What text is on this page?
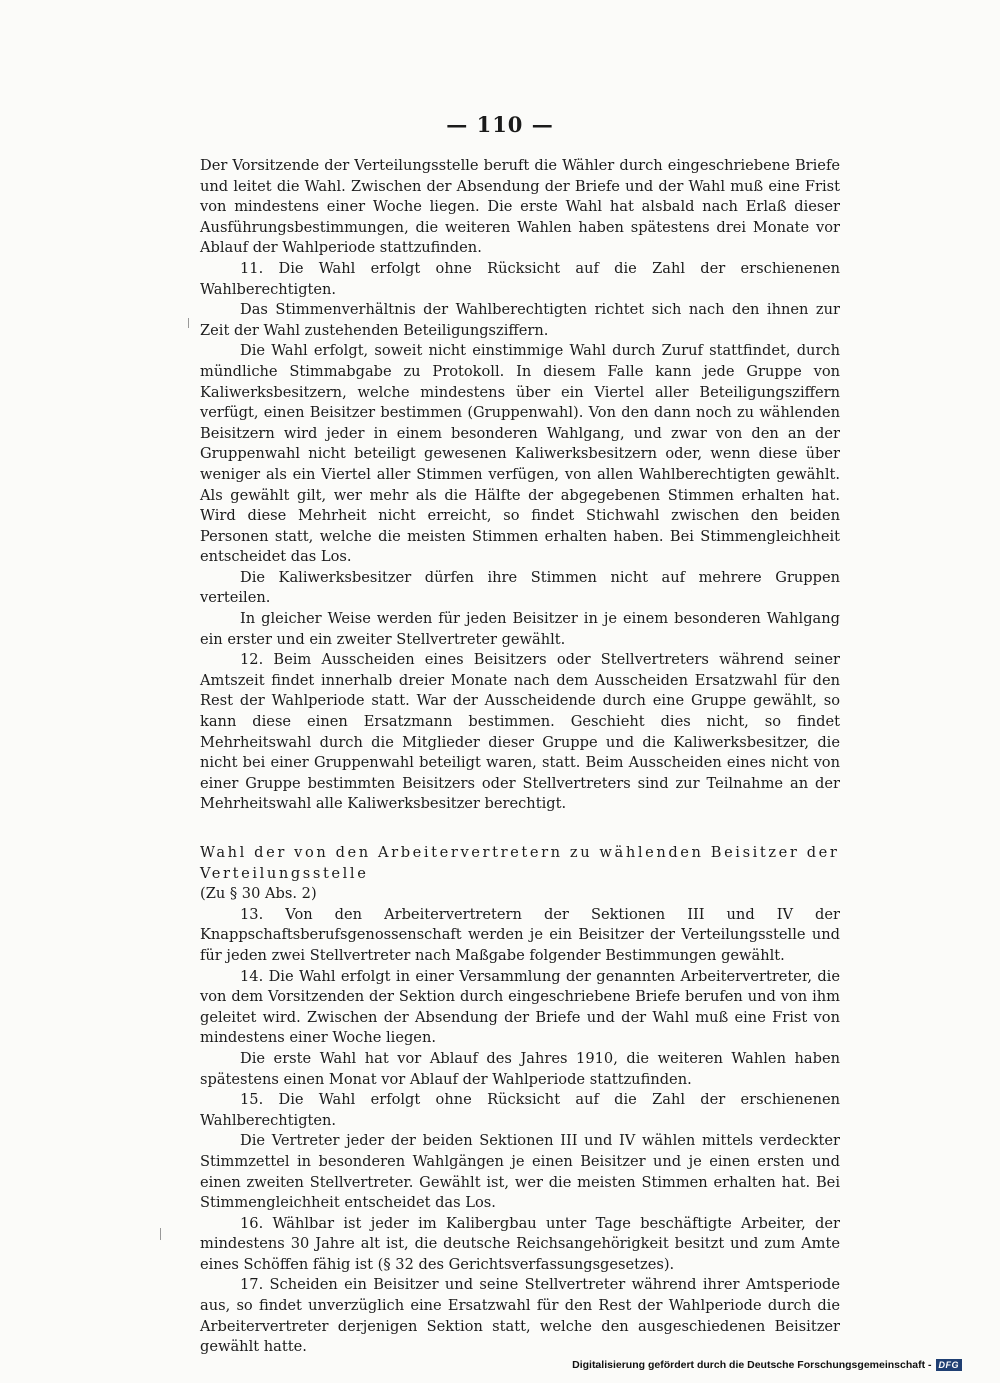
— 110 —

Der Vorsitzende der Verteilungsstelle beruft die Wähler durch eingeschriebene Briefe und leitet die Wahl. Zwischen der Absendung der Briefe und der Wahl muß eine Frist von mindestens einer Woche liegen. Die erste Wahl hat alsbald nach Erlaß dieser Ausführungsbestimmungen, die weiteren Wahlen haben spätestens drei Monate vor Ablauf der Wahlperiode stattzufinden.

11. Die Wahl erfolgt ohne Rücksicht auf die Zahl der erschienenen Wahlberechtigten.

Das Stimmenverhältnis der Wahlberechtigten richtet sich nach den ihnen zur Zeit der Wahl zustehenden Beteiligungsziffern.

Die Wahl erfolgt, soweit nicht einstimmige Wahl durch Zuruf stattfindet, durch mündliche Stimmabgabe zu Protokoll. In diesem Falle kann jede Gruppe von Kaliwerksbesitzern, welche mindestens über ein Viertel aller Beteiligungsziffern verfügt, einen Beisitzer bestimmen (Gruppenwahl). Von den dann noch zu wählenden Beisitzern wird jeder in einem besonderen Wahlgang, und zwar von den an der Gruppenwahl nicht beteiligt gewesenen Kaliwerksbesitzern oder, wenn diese über weniger als ein Viertel aller Stimmen verfügen, von allen Wahlberechtigten gewählt. Als gewählt gilt, wer mehr als die Hälfte der abgegebenen Stimmen erhalten hat. Wird diese Mehrheit nicht erreicht, so findet Stichwahl zwischen den beiden Personen statt, welche die meisten Stimmen erhalten haben. Bei Stimmengleichheit entscheidet das Los.

Die Kaliwerksbesitzer dürfen ihre Stimmen nicht auf mehrere Gruppen verteilen.

In gleicher Weise werden für jeden Beisitzer in je einem besonderen Wahlgang ein erster und ein zweiter Stellvertreter gewählt.

12. Beim Ausscheiden eines Beisitzers oder Stellvertreters während seiner Amtszeit findet innerhalb dreier Monate nach dem Ausscheiden Ersatzwahl für den Rest der Wahlperiode statt. War der Ausscheidende durch eine Gruppe gewählt, so kann diese einen Ersatzmann bestimmen. Geschieht dies nicht, so findet Mehrheitswahl durch die Mitglieder dieser Gruppe und die Kaliwerksbesitzer, die nicht bei einer Gruppenwahl beteiligt waren, statt. Beim Ausscheiden eines nicht von einer Gruppe bestimmten Beisitzers oder Stellvertreters sind zur Teilnahme an der Mehrheitswahl alle Kaliwerksbesitzer berechtigt.

Wahl der von den Arbeitervertretern zu wählenden Beisitzer der

Verteilungsstelle

(Zu § 30 Abs. 2)

13. Von den Arbeitervertretern der Sektionen III und IV der Knappschaftsberufsgenossenschaft werden je ein Beisitzer der Verteilungsstelle und für jeden zwei Stellvertreter nach Maßgabe folgender Bestimmungen gewählt.

14. Die Wahl erfolgt in einer Versammlung der genannten Arbeitervertreter, die von dem Vorsitzenden der Sektion durch eingeschriebene Briefe berufen und von ihm geleitet wird. Zwischen der Absendung der Briefe und der Wahl muß eine Frist von mindestens einer Woche liegen.

Die erste Wahl hat vor Ablauf des Jahres 1910, die weiteren Wahlen haben spätestens einen Monat vor Ablauf der Wahlperiode stattzufinden.

15. Die Wahl erfolgt ohne Rücksicht auf die Zahl der erschienenen Wahlberechtigten.

Die Vertreter jeder der beiden Sektionen III und IV wählen mittels verdeckter Stimmzettel in besonderen Wahlgängen je einen Beisitzer und je einen ersten und einen zweiten Stellvertreter. Gewählt ist, wer die meisten Stimmen erhalten hat. Bei Stimmengleichheit entscheidet das Los.

16. Wählbar ist jeder im Kalibergbau unter Tage beschäftigte Arbeiter, der mindestens 30 Jahre alt ist, die deutsche Reichsangehörigkeit besitzt und zum Amte eines Schöffen fähig ist (§ 32 des Gerichtsverfassungsgesetzes).

17. Scheiden ein Beisitzer und seine Stellvertreter während ihrer Amtsperiode aus, so findet unverzüglich eine Ersatzwahl für den Rest der Wahlperiode durch die Arbeitervertreter derjenigen Sektion statt, welche den ausgeschiedenen Beisitzer gewählt hatte.

Digitalisierung gefördert durch die Deutsche Forschungsgemeinschaft - DFG
